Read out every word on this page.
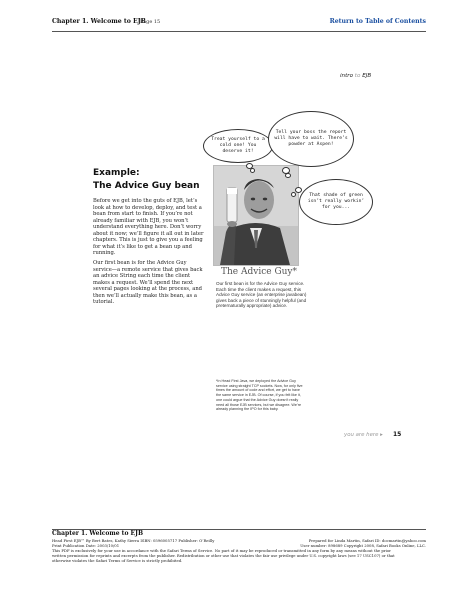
Chapter 1. Welcome to EJB
Page 15	Return to Table of Contents
intro to EJB
Example:
The Advice Guy bean

Before we get into the guts of EJB, let’s look at how to develop, deploy, and test a bean from start to finish. If you’re not already familiar with EJB, you won’t understand everything here. Don’t worry about it now; we’ll figure it all out in later chapters. This is just to give you a feeling for what it’s like to get a bean up and running.

Our first bean is for the Advice Guy service—a remote service that gives back an advice String each time the client makes a request. We’ll spend the next several pages looking at the process, and then we’ll actually make this bean, as a tutorial.

Treat yourself to a cold one! You deserve it!
Tell your boss the report will have to wait. There’s powder at Aspen!
That shade of green isn’t really workin’ for you...
The Advice Guy*
Our first bean is for the Advice Guy service. Each time the client makes a request, this Advice Guy service (an enterprise javabean) gives back a piece of stunningly helpful (and preternaturally appropriate) advice.
*In Head First Java, we deployed the Advice Guy service using straight TCP sockets. Now, for only five times the amount of code and effort, we get to have the same service in EJB. Of course, if you felt like it, one could argue that the Advice Guy doesn’t really need all those EJB services, but we disagree. We’re already planning the IPO for this baby.
you are here ▸ 15
Chapter 1. Welcome to EJB
Head First EJB™ By Bert Bates, Kathy Sierra ISBN: 0596005717 Publisher: O’Reilly	Prepared for Linda Martin, Safari ID: docmartin@yahoo.com
Print Publication Date: 2003/10/01	User number: 898689 Copyright 2008, Safari Books Online, LLC.
This PDF is exclusively for your use in accordance with the Safari Terms of Service. No part of it may be reproduced or transmitted in any form by any means without the prior
written permission for reprints and excerpts from the publisher. Redistribution or other use that violates the fair use privilege under U.S. copyright laws (see 17 USC107) or that
otherwise violates the Safari Terms of Service is strictly prohibited.
